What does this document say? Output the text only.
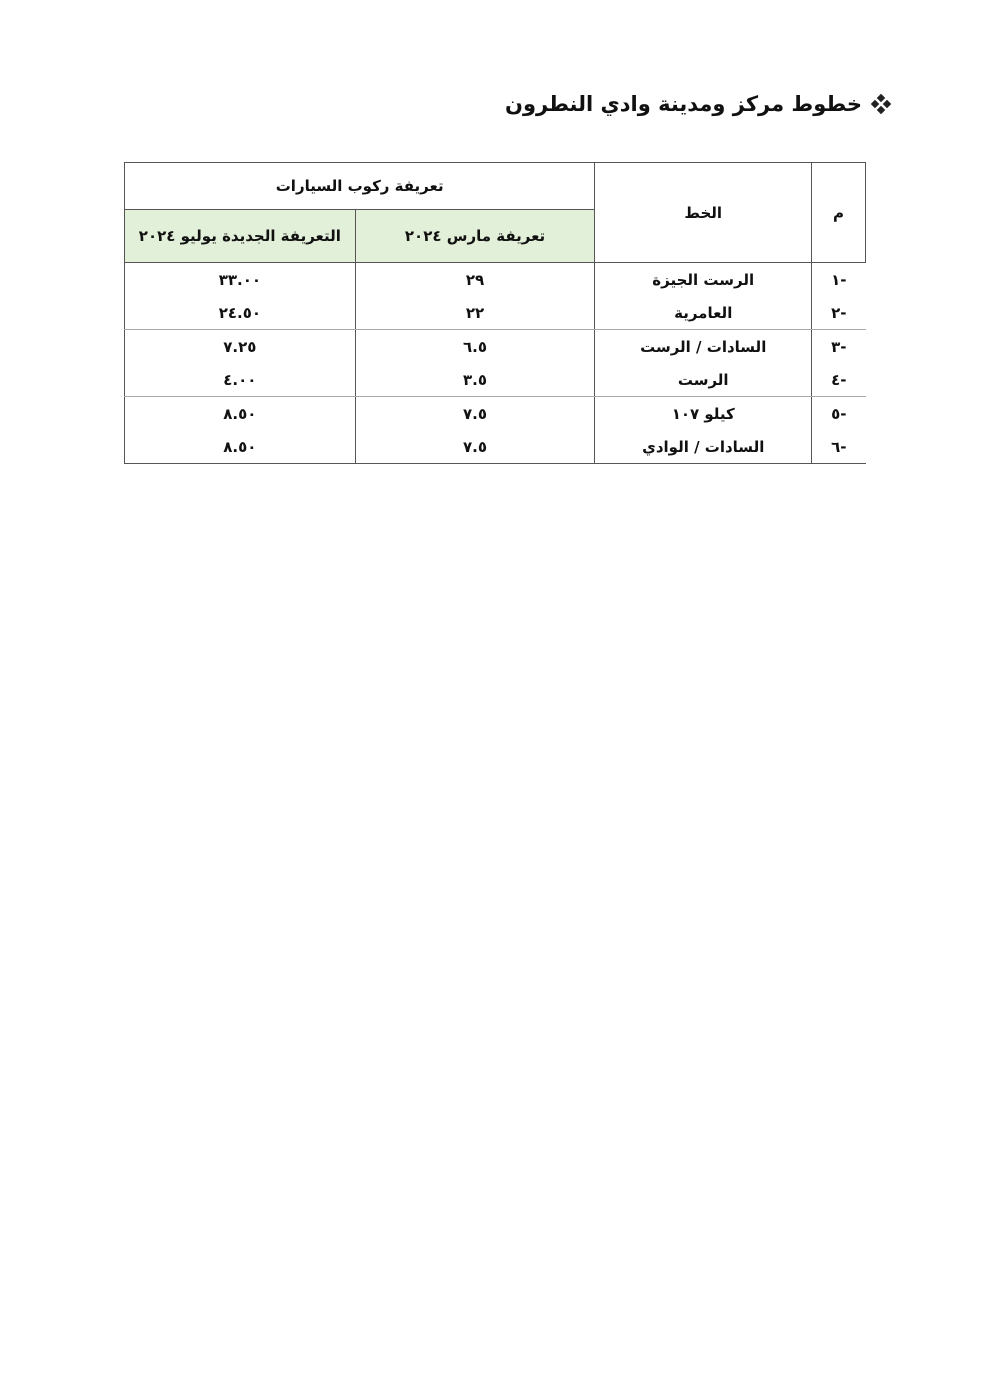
خطوط مركز ومدينة وادي النطرون
م	الخط	تعريفة ركوب السيارات	
		تعريفة مارس ٢٠٢٤	التعريفة الجديدة يوليو ٢٠٢٤
١-	الرست الجيزة	٢٩	٣٣.٠٠
٢-	العامرية	٢٢	٢٤.٥٠
٣-	السادات / الرست	٦.٥	٧.٢٥
٤-	الرست	٣.٥	٤.٠٠
٥-	كيلو ١٠٧	٧.٥	٨.٥٠
٦-	السادات / الوادي	٧.٥	٨.٥٠
